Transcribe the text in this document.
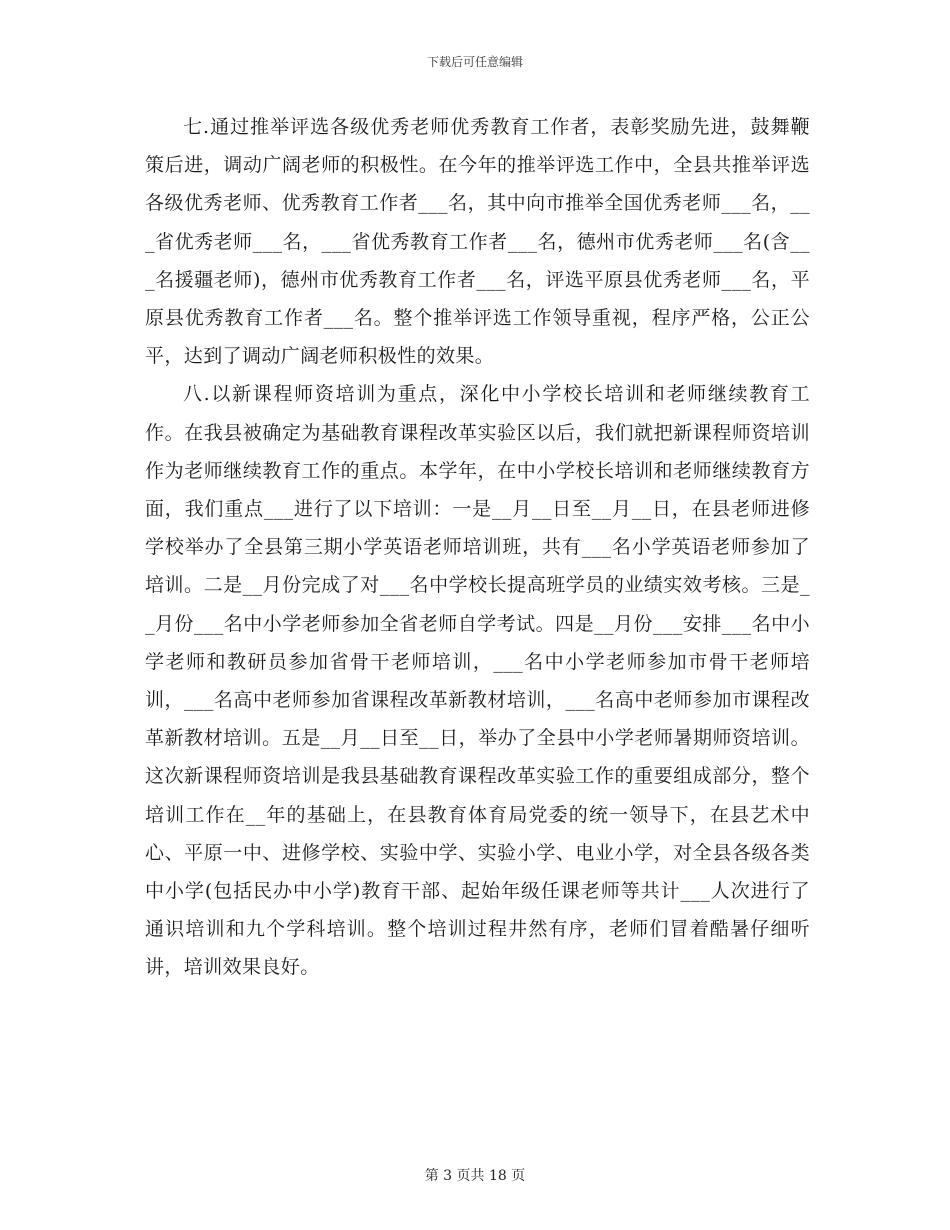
下载后可任意编辑

七.通过推举评选各级优秀老师优秀教育工作者，表彰奖励先进，鼓舞鞭策后进，调动广阔老师的积极性。在今年的推举评选工作中，全县共推举评选各级优秀老师、优秀教育工作者___名，其中向市推举全国优秀老师___名，___省优秀老师___名，___省优秀教育工作者___名，德州市优秀老师___名(含___名援疆老师)，德州市优秀教育工作者___名，评选平原县优秀老师___名，平原县优秀教育工作者___名。整个推举评选工作领导重视，程序严格，公正公平，达到了调动广阔老师积极性的效果。

八.以新课程师资培训为重点，深化中小学校长培训和老师继续教育工作。在我县被确定为基础教育课程改革实验区以后，我们就把新课程师资培训作为老师继续教育工作的重点。本学年，在中小学校长培训和老师继续教育方面，我们重点___进行了以下培训：一是__月__日至__月__日，在县老师进修学校举办了全县第三期小学英语老师培训班，共有___名小学英语老师参加了培训。二是__月份完成了对___名中学校长提高班学员的业绩实效考核。三是__月份___名中小学老师参加全省老师自学考试。四是__月份___安排___名中小学老师和教研员参加省骨干老师培训，___名中小学老师参加市骨干老师培训，___名高中老师参加省课程改革新教材培训，___名高中老师参加市课程改革新教材培训。五是__月__日至__日，举办了全县中小学老师暑期师资培训。这次新课程师资培训是我县基础教育课程改革实验工作的重要组成部分，整个培训工作在__年的基础上，在县教育体育局党委的统一领导下，在县艺术中心、平原一中、进修学校、实验中学、实验小学、电业小学，对全县各级各类中小学(包括民办中小学)教育干部、起始年级任课老师等共计___人次进行了通识培训和九个学科培训。整个培训过程井然有序，老师们冒着酷暑仔细听讲，培训效果良好。

第 3 页共 18 页
